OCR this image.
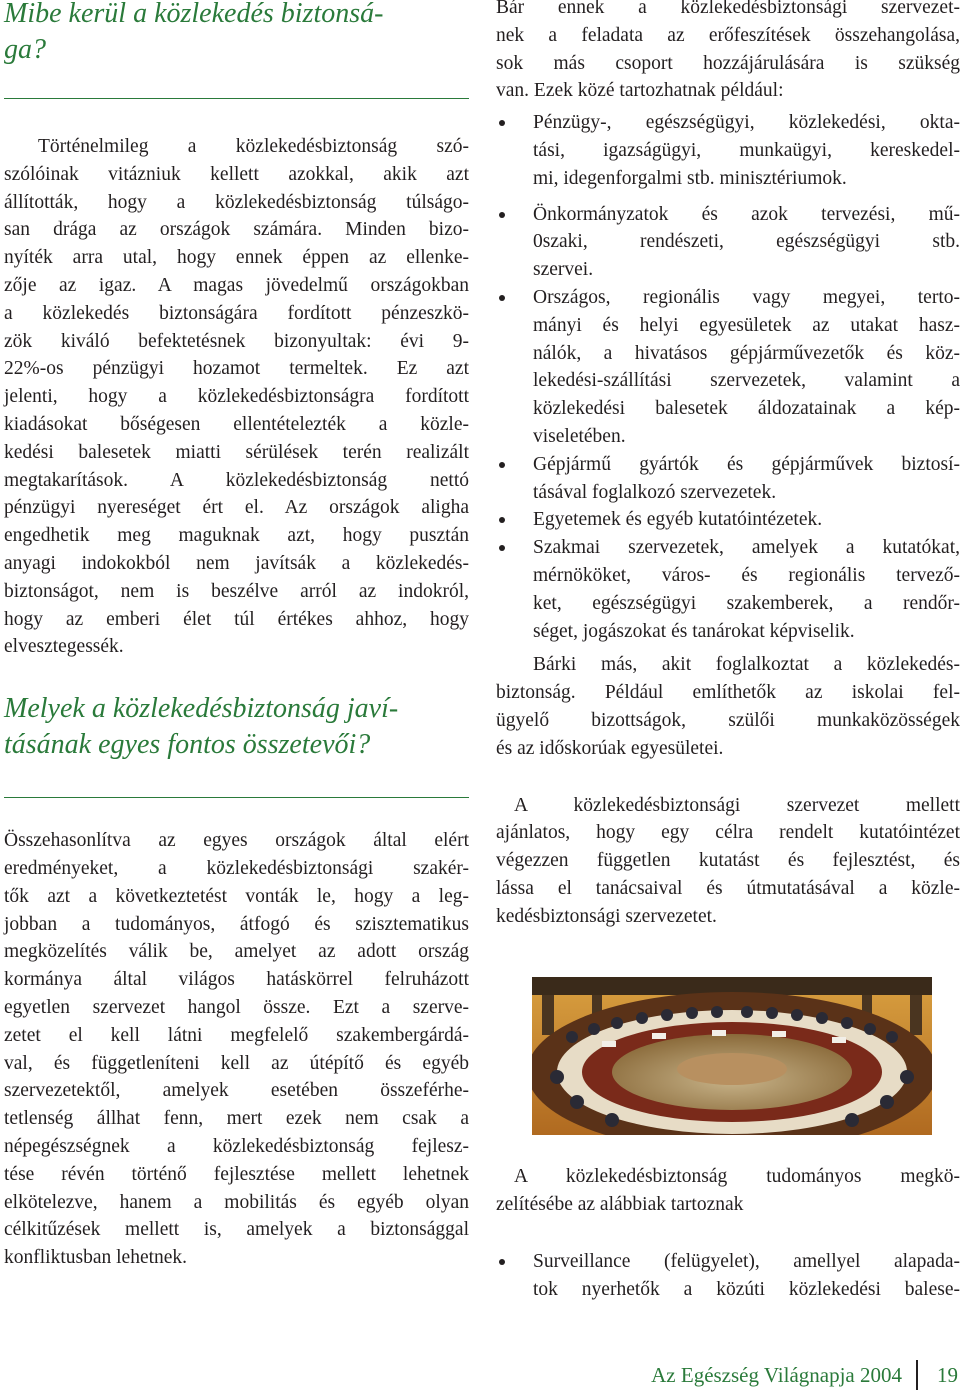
Mibe kerül a közlekedés biztonsá-
ga?

Történelmileg a közlekedésbiztonság szó-
szólóinak vitázniuk kellett azokkal, akik azt
állították, hogy a közlekedésbiztonság túlságo-
san drága az országok számára. Minden bizo-
nyíték arra utal, hogy ennek éppen az ellenke-
zője az igaz. A magas jövedelmű országokban
a közlekedés biztonságára fordított pénzeszkö-
zök kiváló befektetésnek bizonyultak: évi 9-
22%-os pénzügyi hozamot termeltek. Ez azt
jelenti, hogy a közlekedésbiztonságra fordított
kiadásokat bőségesen ellentételezték a közle-
kedési balesetek miatti sérülések terén realizált
megtakarítások. A közlekedésbiztonság nettó
pénzügyi nyereséget ért el. Az országok aligha
engedhetik meg maguknak azt, hogy pusztán
anyagi indokokból nem javítsák a közlekedés-
biztonságot, nem is beszélve arról az indokról,
hogy az emberi élet túl értékes ahhoz, hogy
elvesztegessék.

Melyek a közlekedésbiztonság javí-
tásának egyes fontos összetevői?

Összehasonlítva az egyes országok által elért
eredményeket, a közlekedésbiztonsági szakér-
tők azt a következtetést vonták le, hogy a leg-
jobban a tudományos, átfogó és szisztematikus
megközelítés válik be, amelyet az adott ország
kormánya által világos hatáskörrel felruházott
egyetlen szervezet hangol össze. Ezt a szerve-
zetet el kell látni megfelelő szakembergárdá-
val, és függetleníteni kell az útépítő és egyéb
szervezetektől, amelyek esetében összeférhe-
tetlenség állhat fenn, mert ezek nem csak a
népegészségnek a közlekedésbiztonság fejlesz-
tése révén történő fejlesztése mellett lehetnek
elkötelezve, hanem a mobilitás és egyéb olyan
célkitűzések mellett is, amelyek a biztonsággal
konfliktusban lehetnek.

Bár ennek a közlekedésbiztonsági szervezet-
nek a feladata az erőfeszítések összehangolása,
sok más csoport hozzájárulására is szükség
van. Ezek közé tartozhatnak például:

Pénzügy-, egészségügyi, közlekedési, okta-
tási, igazságügyi, munkaügyi, kereskedel-
mi, idegenforgalmi stb. minisztériumok.
Önkormányzatok és azok tervezési, mű-
0szaki, rendészeti, egészségügyi stb.
szervei.
Országos, regionális vagy megyei, terto-
mányi és helyi egyesületek az utakat hasz-
nálók, a hivatásos gépjárművezetők és köz-
lekedési-szállítási szervezetek, valamint a
közlekedési balesetek áldozatainak a kép-
viseletében.
Gépjármű gyártók és gépjárművek biztosí-
tásával foglalkozó szervezetek.
Egyetemek és egyéb kutatóintézetek.
Szakmai szervezetek, amelyek a kutatókat,
mérnököket, város- és regionális tervező-
ket, egészségügyi szakemberek, a rendőr-
séget, jogászokat és tanárokat képviselik.

Bárki más, akit foglalkoztat a közlekedés-
biztonság. Például említhetők az iskolai fel-
ügyelő bizottságok, szülői munkaközösségek
és az időskorúak egyesületei.

A közlekedésbiztonsági szervezet mellett
ajánlatos, hogy egy célra rendelt kutatóintézet
végezzen független kutatást és fejlesztést, és
lássa el tanácsaival és útmutatásával a közle-
kedésbiztonsági szervezetet.

A közlekedésbiztonság tudományos megkö-
zelítésébe az alábbiak tartoznak

Surveillance (felügyelet), amellyel alapada-
tok nyerhetők a közúti közlekedési balese-
Az Egészség Világnapja 2004 19
